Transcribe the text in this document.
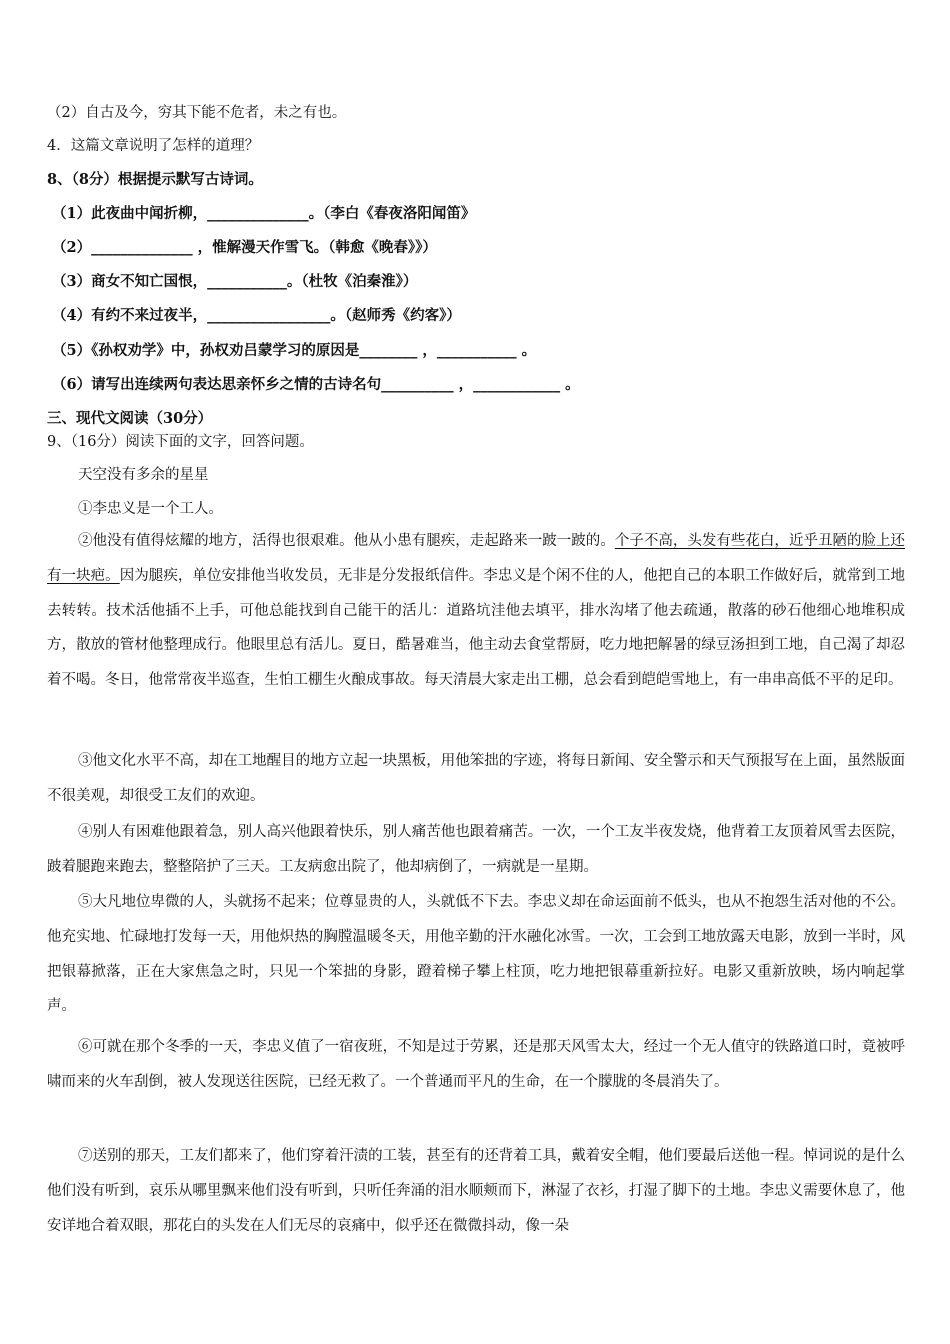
（2）自古及今，穷其下能不危者，未之有也。
4．这篇文章说明了怎样的道理？
8、（8分）根据提示默写古诗词。
（1）此夜曲中闻折柳，______________。（李白《春夜洛阳闻笛》
（2）______________ ，惟解漫天作雪飞。（韩愈《晚春》》）
（3）商女不知亡国恨，___________。（杜牧《泊秦淮》）
（4）有约不来过夜半，_________________。（赵师秀《约客》）
（5）《孙权劝学》中，孙权劝吕蒙学习的原因是________ ，___________ 。
（6）请写出连续两句表达思亲怀乡之情的古诗名句__________ ，____________ 。
三、现代文阅读（30分）
9、（16分）阅读下面的文字，回答问题。
天空没有多余的星星
①李忠义是一个工人。
②他没有值得炫耀的地方，活得也很艰难。他从小患有腿疾，走起路来一跛一跛的。个子不高，头发有些花白，近乎丑陋的脸上还有一块疤。因为腿疾，单位安排他当收发员，无非是分发报纸信件。李忠义是个闲不住的人，他把自己的本职工作做好后，就常到工地去转转。技术活他插不上手，可他总能找到自己能干的活儿：道路坑洼他去填平，排水沟堵了他去疏通，散落的砂石他细心地堆积成方，散放的管材他整理成行。他眼里总有活儿。夏日，酷暑难当，他主动去食堂帮厨，吃力地把解暑的绿豆汤担到工地，自己渴了却忍着不喝。冬日，他常常夜半巡查，生怕工棚生火酿成事故。每天清晨大家走出工棚，总会看到皑皑雪地上，有一串串高低不平的足印。
③他文化水平不高，却在工地醒目的地方立起一块黑板，用他笨拙的字迹，将每日新闻、安全警示和天气预报写在上面，虽然版面不很美观，却很受工友们的欢迎。
④别人有困难他跟着急，别人高兴他跟着快乐，别人痛苦他也跟着痛苦。一次，一个工友半夜发烧，他背着工友顶着风雪去医院，跛着腿跑来跑去，整整陪护了三天。工友病愈出院了，他却病倒了，一病就是一星期。
⑤大凡地位卑微的人，头就扬不起来；位尊显贵的人，头就低不下去。李忠义却在命运面前不低头，也从不抱怨生活对他的不公。他充实地、忙碌地打发每一天，用他炽热的胸膛温暖冬天，用他辛勤的汗水融化冰雪。一次，工会到工地放露天电影，放到一半时，风把银幕掀落，正在大家焦急之时，只见一个笨拙的身影，蹬着梯子攀上柱顶，吃力地把银幕重新拉好。电影又重新放映，场内响起掌声。
⑥可就在那个冬季的一天，李忠义值了一宿夜班，不知是过于劳累，还是那天风雪太大，经过一个无人值守的铁路道口时，竟被呼啸而来的火车刮倒，被人发现送往医院，已经无救了。一个普通而平凡的生命，在一个朦胧的冬晨消失了。
⑦送别的那天，工友们都来了，他们穿着汗渍的工装，甚至有的还背着工具，戴着安全帽，他们要最后送他一程。悼词说的是什么他们没有听到，哀乐从哪里飘来他们没有听到，只听任奔涌的泪水顺颊而下，淋湿了衣衫，打湿了脚下的土地。李忠义需要休息了，他安详地合着双眼，那花白的头发在人们无尽的哀痛中，似乎还在微微抖动，像一朵
